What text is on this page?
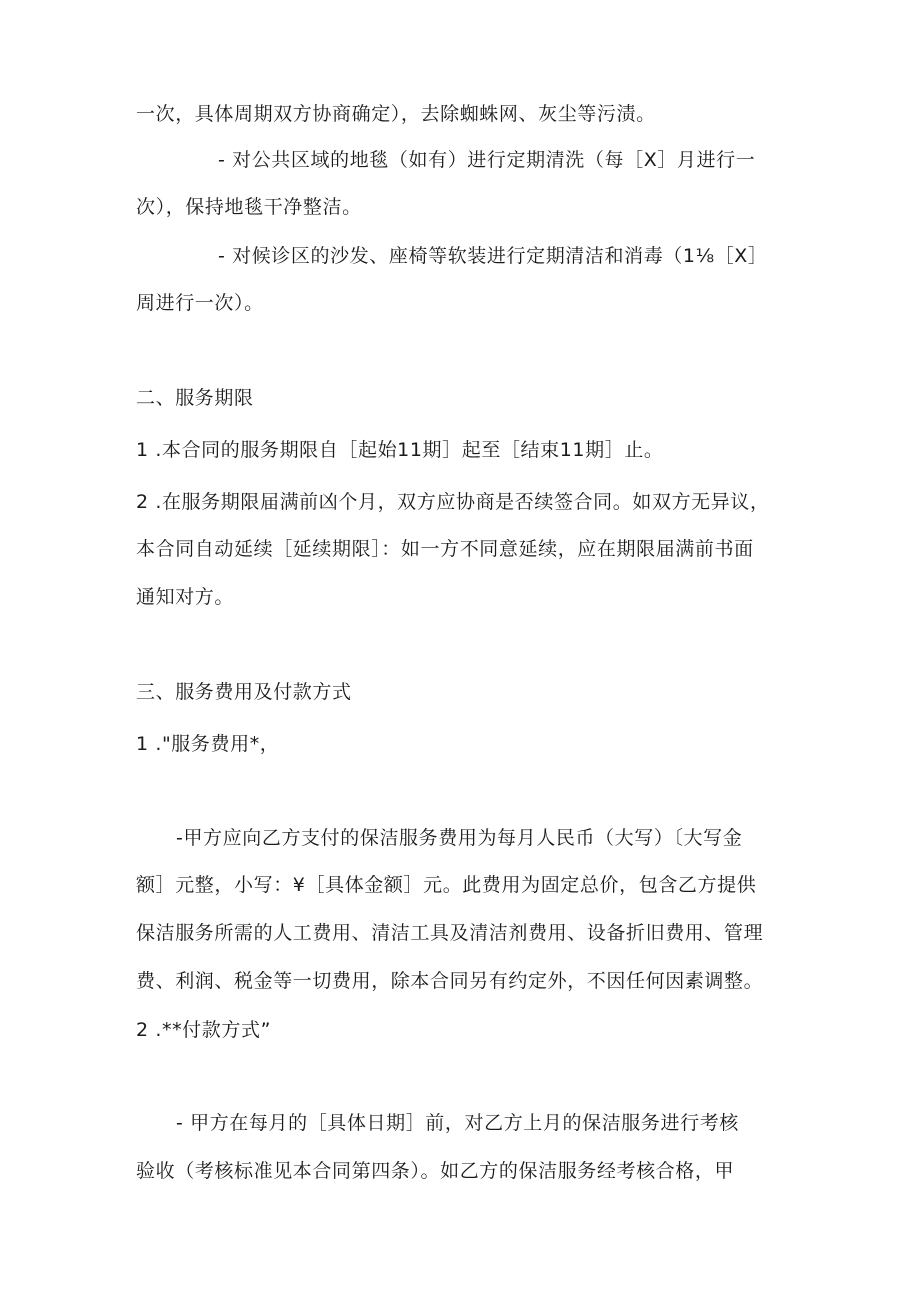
一次，具体周期双方协商确定），去除蜘蛛网、灰尘等污渍。
- 对公共区域的地毯（如有）进行定期清洗（每［X］月进行一
次），保持地毯干净整洁。
- 对候诊区的沙发、座椅等软装进行定期清洁和消毒（1⅛［X］
周进行一次）。
二、服务期限
1 .本合同的服务期限自［起始11期］起至［结束11期］止。
2 .在服务期限届满前凶个月，双方应协商是否续签合同。如双方无异议，
本合同自动延续［延续期限］：如一方不同意延续，应在期限届满前书面
通知对方。
三、服务费用及付款方式
1 ."服务费用*，
-甲方应向乙方支付的保洁服务费用为每月人民币（大写）〔大写金
额］元整，小写：¥［具体金额］元。此费用为固定总价，包含乙方提供
保洁服务所需的人工费用、清洁工具及清洁剂费用、设备折旧费用、管理
费、利润、税金等一切费用，除本合同另有约定外，不因任何因素调整。
2 .**付款方式”
- 甲方在每月的［具体日期］前，对乙方上月的保洁服务进行考核
验收（考核标准见本合同第四条）。如乙方的保洁服务经考核合格，甲
